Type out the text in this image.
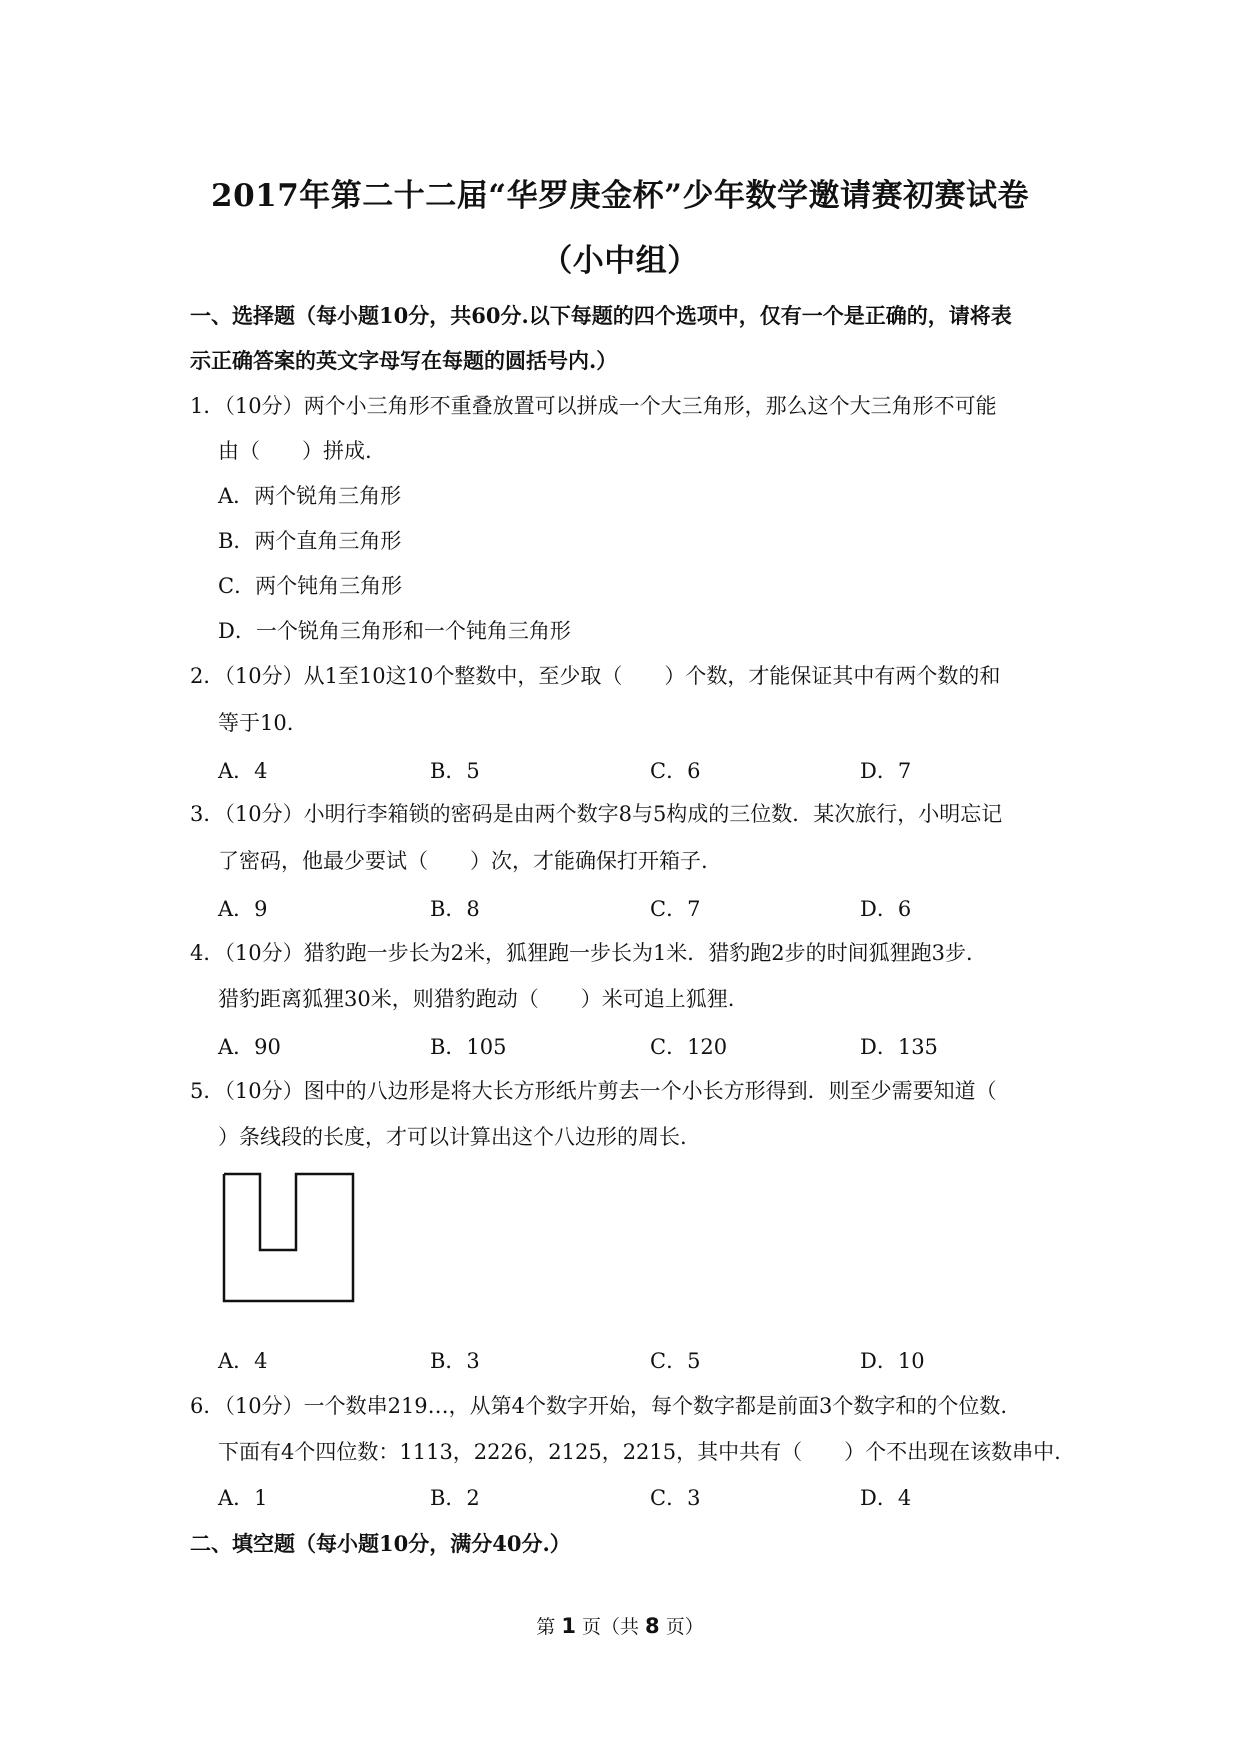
2017年第二十二届“华罗庚金杯”少年数学邀请赛初赛试卷
（小中组）
一、选择题（每小题10分，共60分.以下每题的四个选项中，仅有一个是正确的，请将表
示正确答案的英文字母写在每题的圆括号内.）
1．（10分）两个小三角形不重叠放置可以拼成一个大三角形，那么这个大三角形不可能
由（　　）拼成.
A．两个锐角三角形
B．两个直角三角形
C．两个钝角三角形
D．一个锐角三角形和一个钝角三角形
2．（10分）从1至10这10个整数中，至少取（　　）个数，才能保证其中有两个数的和
等于10.
A．4	B．5	C．6	D．7
3．（10分）小明行李箱锁的密码是由两个数字8与5构成的三位数．某次旅行，小明忘记
了密码，他最少要试（　　）次，才能确保打开箱子.
A．9	B．8	C．7	D．6
4．（10分）猎豹跑一步长为2米，狐狸跑一步长为1米．猎豹跑2步的时间狐狸跑3步．
猎豹距离狐狸30米，则猎豹跑动（　　）米可追上狐狸.
A．90	B．105	C．120	D．135
5．（10分）图中的八边形是将大长方形纸片剪去一个小长方形得到．则至少需要知道（
）条线段的长度，才可以计算出这个八边形的周长.
A．4	B．3	C．5	D．10
6．（10分）一个数串219…，从第4个数字开始，每个数字都是前面3个数字和的个位数.
下面有4个四位数：1113，2226，2125，2215，其中共有（　　）个不出现在该数串中.
A．1	B．2	C．3	D．4
二、填空题（每小题10分，满分40分.）
第 1 页（共 8 页）
